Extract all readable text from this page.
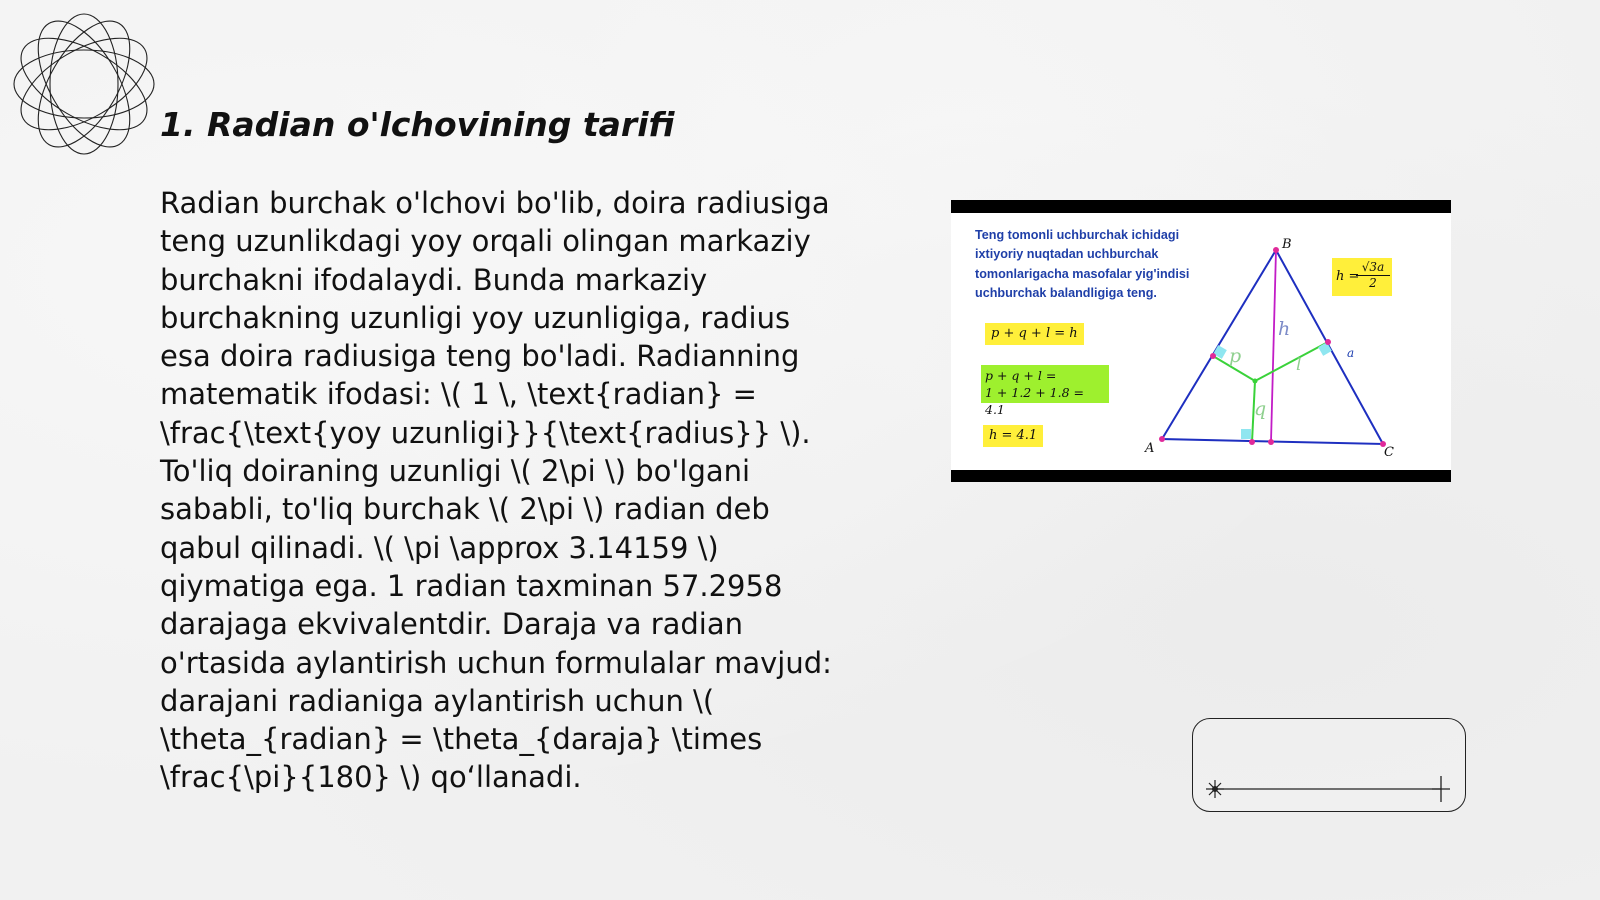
1. Radian o'lchovining tarifi

Radian burchak o'lchovi bo'lib, doira radiusiga teng uzunlikdagi yoy orqali olingan markaziy burchakni ifodalaydi. Bunda markaziy burchakning uzunligi yoy uzunligiga, radius esa doira radiusiga teng bo'ladi. Radianning matematik ifodasi: \( 1 \, \text{radian} = \frac{\text{yoy uzunligi}}{\text{radius}} \). To'liq doiraning uzunligi \( 2\pi \) bo'lgani sababli, to'liq burchak \( 2\pi \) radian deb qabul qilinadi. \( \pi \approx 3.14159 \) qiymatiga ega. 1 radian taxminan 57.2958 darajaga ekvivalentdir. Daraja va radian o'rtasida aylantirish uchun formulalar mavjud: darajani radianiga aylantirish uchun \( \theta_{radian} = \theta_{daraja} \times \frac{\pi}{180} \) qo‘llanadi.

Teng tomonli uchburchak ichidagi ixtiyoriy nuqtadan uchburchak tomonlarigacha masofalar yig'indisi uchburchak balandligiga teng.

p + q + l = h
p + q + l =
1 + 1.2 + 1.8 = 4.1
h = 4.1
h =
$\frac{√3a}{2}$
B
A	C
a
h
p
q
l
